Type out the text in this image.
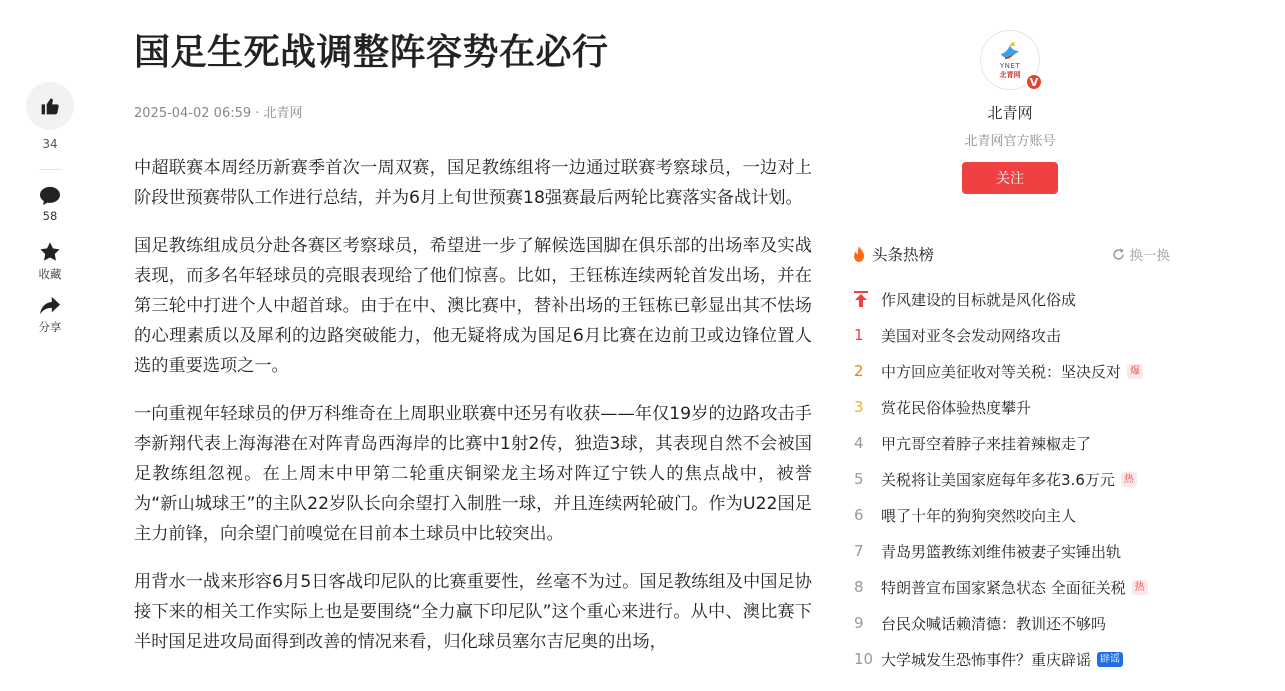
34
58
收藏
分享
国足生死战调整阵容势在必行
2025-04-02 06:59 · 北青网

中超联赛本周经历新赛季首次一周双赛，国足教练组将一边通过联赛考察球员，一边对上阶段世预赛带队工作进行总结，并为6月上旬世预赛18强赛最后两轮比赛落实备战计划。

国足教练组成员分赴各赛区考察球员，希望进一步了解候选国脚在俱乐部的出场率及实战表现，而多名年轻球员的亮眼表现给了他们惊喜。比如，王钰栋连续两轮首发出场，并在第三轮中打进个人中超首球。由于在中、澳比赛中，替补出场的王钰栋已彰显出其不怯场的心理素质以及犀利的边路突破能力，他无疑将成为国足6月比赛在边前卫或边锋位置人选的重要选项之一。

一向重视年轻球员的伊万科维奇在上周职业联赛中还另有收获——年仅19岁的边路攻击手李新翔代表上海海港在对阵青岛西海岸的比赛中1射2传，独造3球，其表现自然不会被国足教练组忽视。在上周末中甲第二轮重庆铜梁龙主场对阵辽宁铁人的焦点战中，被誉为“新山城球王”的主队22岁队长向余望打入制胜一球，并且连续两轮破门。作为U22国足主力前锋，向余望门前嗅觉在目前本土球员中比较突出。

用背水一战来形容6月5日客战印尼队的比赛重要性，丝毫不为过。国足教练组及中国足协接下来的相关工作实际上也是要围绕“全力赢下印尼队”这个重心来进行。从中、澳比赛下半时国足进攻局面得到改善的情况来看，归化球员塞尔吉尼奥的出场，

YNET
北青网
V
北青网
北青网官方账号
关注
头条热榜	换一换
作风建设的目标就是风化俗成
1	美国对亚冬会发动网络攻击
2	中方回应美征收对等关税：坚决反对 爆
3	赏花民俗体验热度攀升
4	甲亢哥空着脖子来挂着辣椒走了
5	关税将让美国家庭每年多花3.6万元 热
6	喂了十年的狗狗突然咬向主人
7	青岛男篮教练刘维伟被妻子实锤出轨
8	特朗普宣布国家紧急状态 全面征关税 热
9	台民众喊话赖清德：教训还不够吗
10 大学城发生恐怖事件？重庆辟谣 辟谣
